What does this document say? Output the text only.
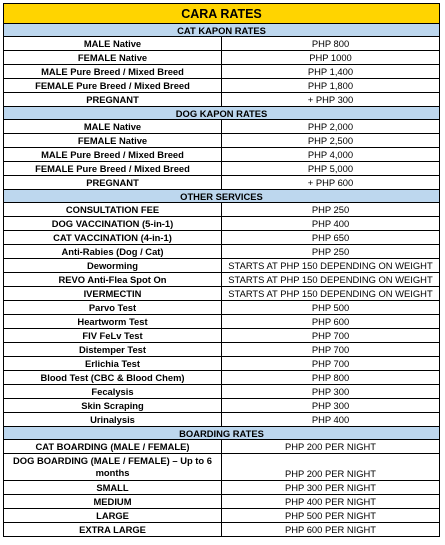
CARA RATES	
CAT KAPON RATES	
MALE Native	PHP 800
FEMALE Native	PHP 1000
MALE Pure Breed / Mixed Breed	PHP 1,400
FEMALE Pure Breed / Mixed Breed	PHP 1,800
PREGNANT	+ PHP 300
DOG KAPON RATES	
MALE Native	PHP 2,000
FEMALE Native	PHP 2,500
MALE Pure Breed / Mixed Breed	PHP 4,000
FEMALE Pure Breed / Mixed Breed	PHP 5,000
PREGNANT	+ PHP 600
OTHER SERVICES	
CONSULTATION FEE	PHP 250
DOG VACCINATION (5-in-1)	PHP 400
CAT VACCINATION (4-in-1)	PHP 650
Anti-Rabies (Dog / Cat)	PHP 250
Deworming	STARTS AT PHP 150 DEPENDING ON WEIGHT
REVO Anti-Flea Spot On	STARTS AT PHP 150 DEPENDING ON WEIGHT
IVERMECTIN	STARTS AT PHP 150 DEPENDING ON WEIGHT
Parvo Test	PHP 500
Heartworm Test	PHP 600
FIV FeLv Test	PHP 700
Distemper Test	PHP 700
Erlichia Test	PHP 700
Blood Test (CBC & Blood Chem)	PHP 800
Fecalysis	PHP 300
Skin Scraping	PHP 300
Urinalysis	PHP 400
BOARDING RATES	
CAT BOARDING (MALE / FEMALE)	PHP 200 PER NIGHT
DOG BOARDING (MALE / FEMALE) – Up to 6 months	PHP 200 PER NIGHT
SMALL	PHP 300 PER NIGHT
MEDIUM	PHP 400 PER NIGHT
LARGE	PHP 500 PER NIGHT
EXTRA LARGE	PHP 600 PER NIGHT
